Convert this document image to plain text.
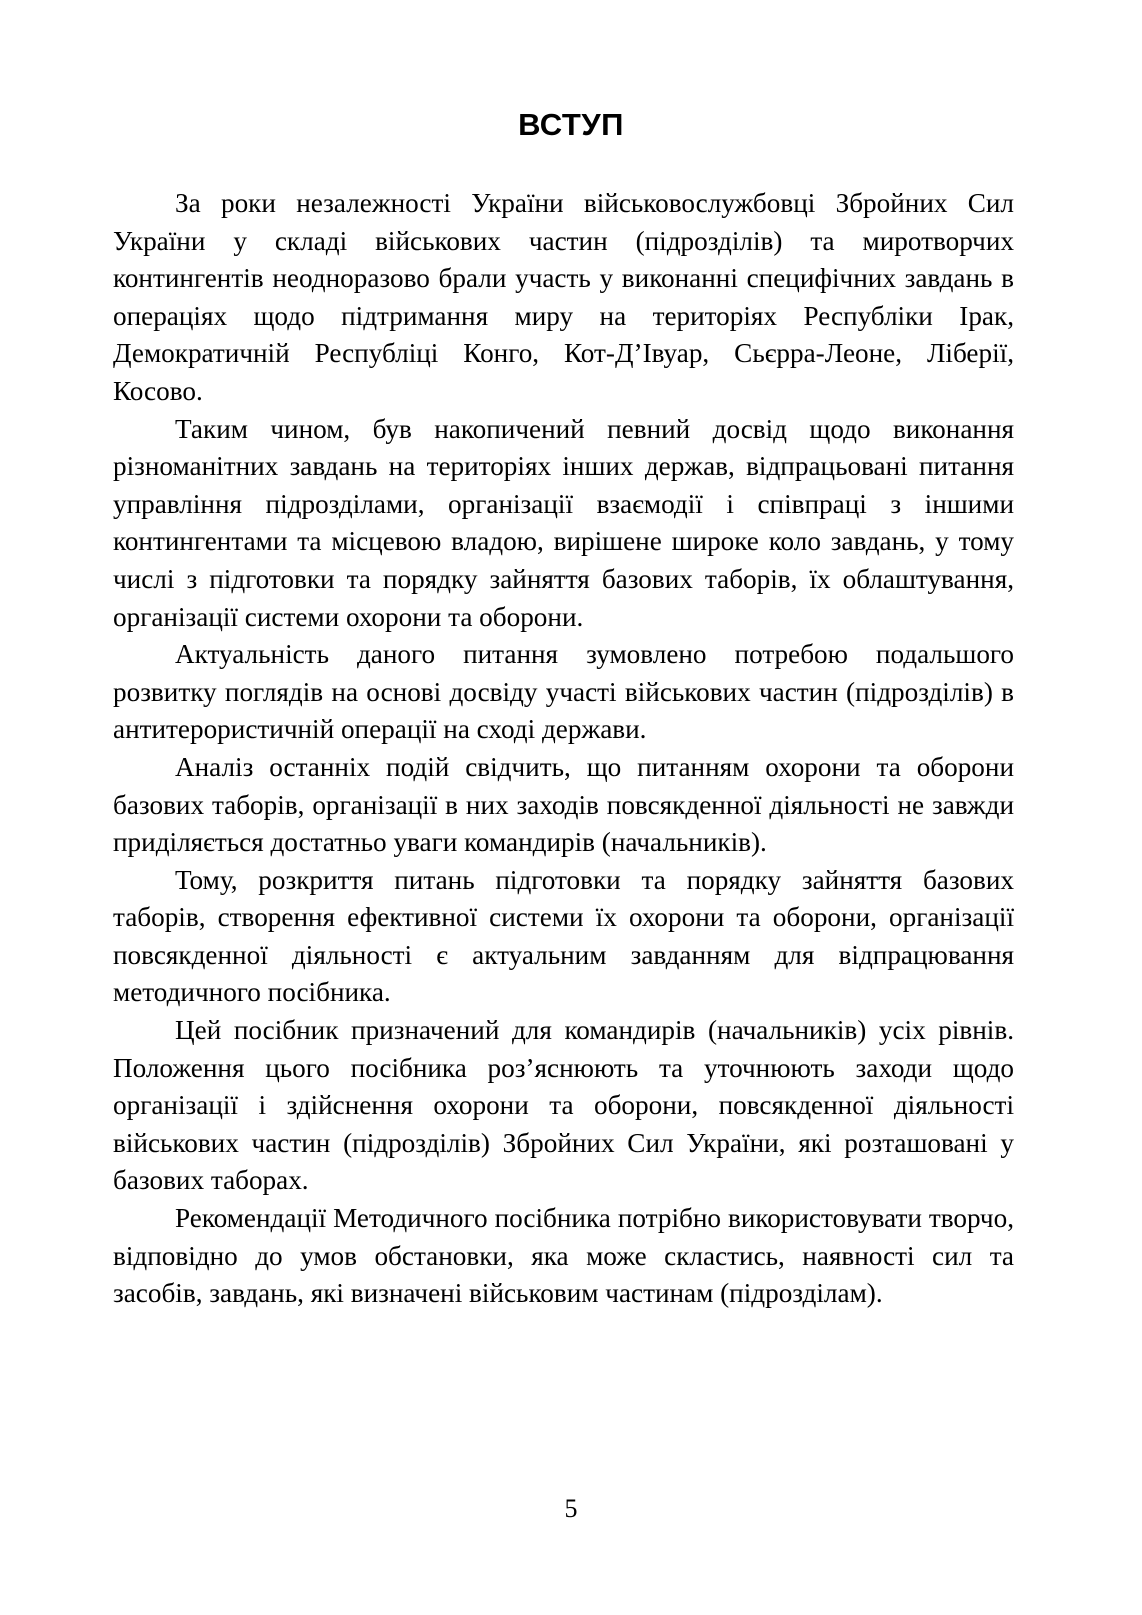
ВСТУП

За роки незалежності України військовослужбовці Збройних Сил України у складі військових частин (підрозділів) та миротворчих контингентів неодноразово брали участь у виконанні специфічних завдань в операціях щодо підтримання миру на територіях Республіки Ірак, Демократичній Республіці Конго, Кот-Д’Івуар, Сьєрра-Леоне, Ліберії, Косово.

Таким чином, був накопичений певний досвід щодо виконання різноманітних завдань на територіях інших держав, відпрацьовані питання управління підрозділами, організації взаємодії і співпраці з іншими контингентами та місцевою владою, вирішене широке коло завдань, у тому числі з підготовки та порядку зайняття базових таборів, їх облаштування, організації системи охорони та оборони.

Актуальність даного питання зумовлено потребою подальшого розвитку поглядів на основі досвіду участі військових частин (підрозділів) в антитерористичній операції на сході держави.

Аналіз останніх подій свідчить, що питанням охорони та оборони базових таборів, організації в них заходів повсякденної діяльності не завжди приділяється достатньо уваги командирів (начальників).

Тому, розкриття питань підготовки та порядку зайняття базових таборів, створення ефективної системи їх охорони та оборони, організації повсякденної діяльності є актуальним завданням для відпрацювання методичного посібника.

Цей посібник призначений для командирів (начальників) усіх рівнів. Положення цього посібника роз’яснюють та уточнюють заходи щодо організації і здійснення охорони та оборони, повсякденної діяльності військових частин (підрозділів) Збройних Сил України, які розташовані у базових таборах.

Рекомендації Методичного посібника потрібно використовувати творчо, відповідно до умов обстановки, яка може скластись, наявності сил та засобів, завдань, які визначені військовим частинам (підрозділам).

5
